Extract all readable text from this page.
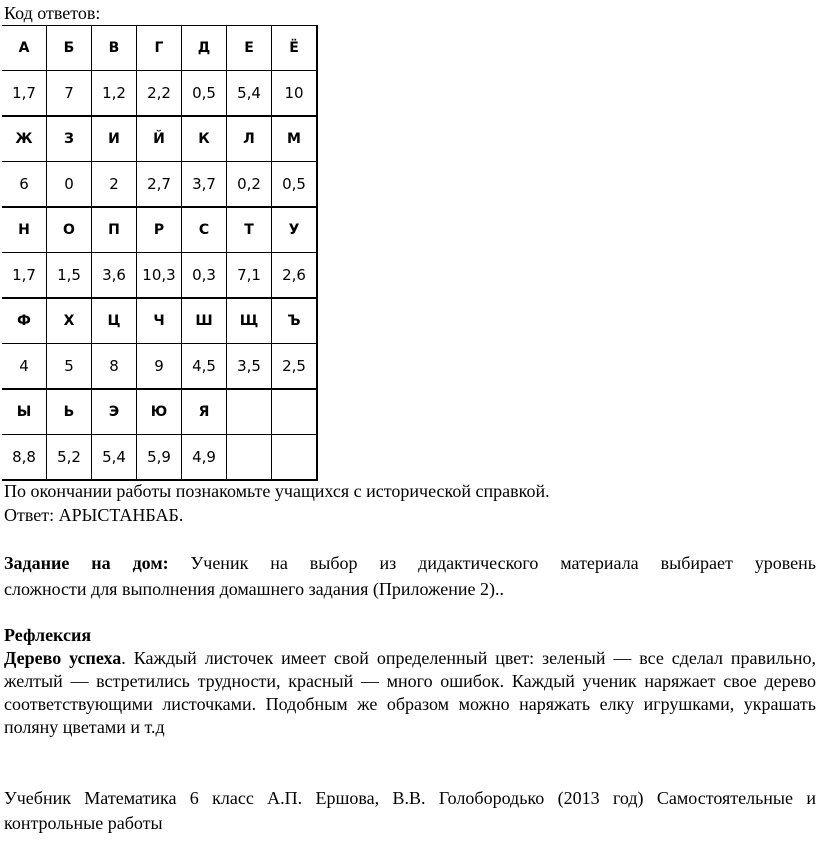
Код ответов:
А	Б	В	Г	Д	Е	Ё
1,7	7	1,2	2,2	0,5	5,4	10
Ж	З	И	Й	К	Л	М
6	0	2	2,7	3,7	0,2	0,5
Н	О	П	Р	С	Т	У
1,7	1,5	3,6	10,3	0,3	7,1	2,6
Ф	Х	Ц	Ч	Ш	Щ	Ъ
4	5	8	9	4,5	3,5	2,5
Ы	Ь	Э	Ю	Я		
8,8	5,2	5,4	5,9	4,9		
По окончании работы познакомьте учащихся с исторической справкой.
Ответ: АРЫСТАНБАБ.
Задание на дом: Ученик на выбор из дидактического материала выбирает уровень
сложности для выполнения домашнего задания (Приложение 2)..
Рефлексия
Дерево успеха. Каждый листочек имеет свой определенный цвет: зеленый — все сделал правильно,
желтый — встретились трудности, красный — много ошибок. Каждый ученик наряжает свое дерево
соответствующими листочками. Подобным же образом можно наряжать елку игрушками, украшать
поляну цветами и т.д
Учебник Математика 6 класс А.П. Ершова, В.В. Голобородько (2013 год) Самостоятельные и
контрольные работы
